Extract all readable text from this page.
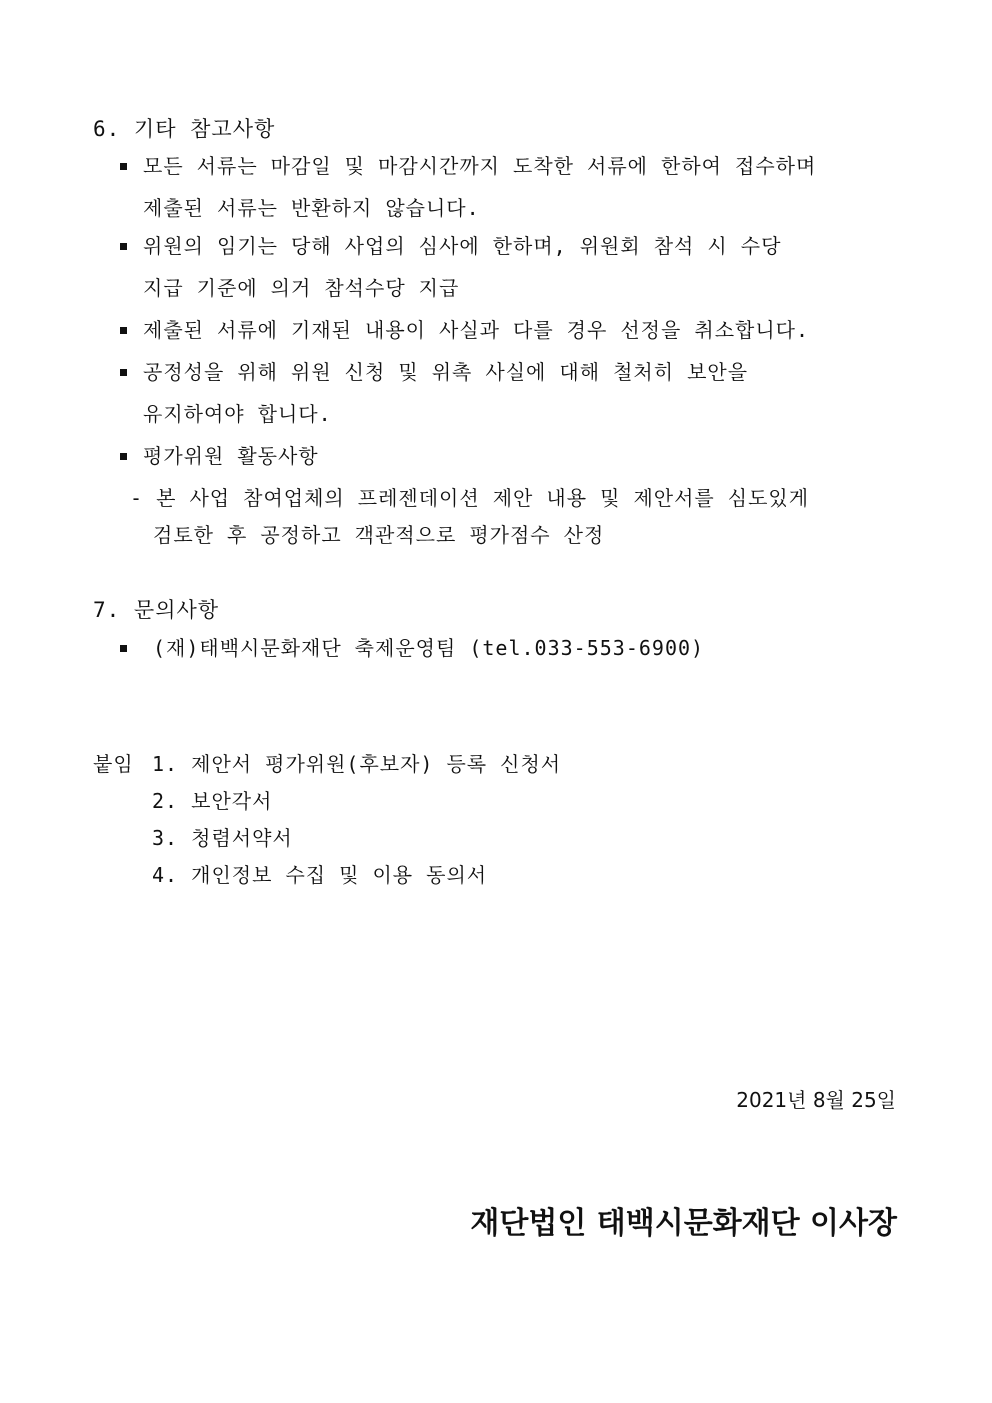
6. 기타 참고사항
모든 서류는 마감일 및 마감시간까지 도착한 서류에 한하여 접수하며
제출된 서류는 반환하지 않습니다.
위원의 임기는 당해 사업의 심사에 한하며, 위원회 참석 시 수당
지급 기준에 의거 참석수당 지급
제출된 서류에 기재된 내용이 사실과 다를 경우 선정을 취소합니다.
공정성을 위해 위원 신청 및 위촉 사실에 대해 철처히 보안을
유지하여야 합니다.
평가위원 활동사항
- 본 사업 참여업체의 프레젠데이션 제안 내용 및 제안서를 심도있게
검토한 후 공정하고 객관적으로 평가점수 산정
7. 문의사항
(재)태백시문화재단 축제운영팀 (tel.033-553-6900)
붙임 1. 제안서 평가위원(후보자) 등록 신청서
2. 보안각서
3. 청렴서약서
4. 개인정보 수집 및 이용 동의서
2021년 8월 25일
재단법인 태백시문화재단 이사장
